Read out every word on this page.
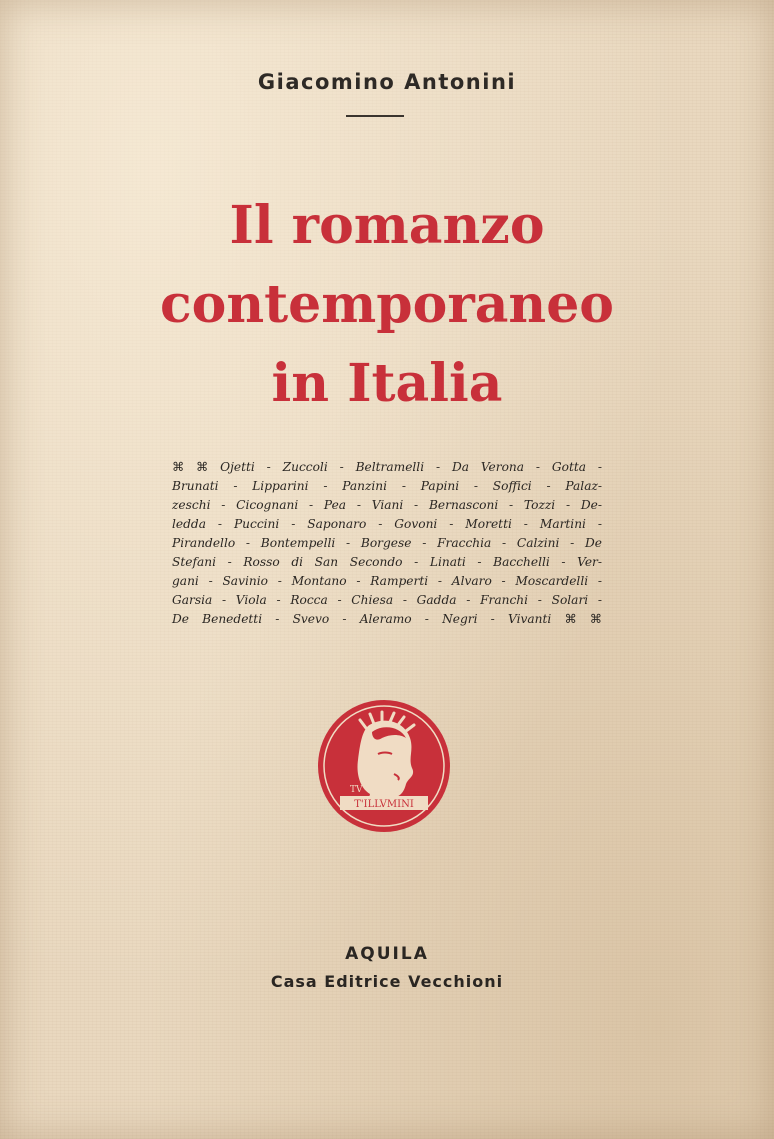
Giacomino Antonini
Il romanzo
contemporaneo
in Italia
⌘ ⌘ Ojetti - Zuccoli - Beltramelli - Da Verona - Gotta -
Brunati - Lipparini - Panzini - Papini - Soffici - Palaz-
zeschi - Cicognani - Pea - Viani - Bernasconi - Tozzi - De-
ledda - Puccini - Saponaro - Govoni - Moretti - Martini -
Pirandello - Bontempelli - Borgese - Fracchia - Calzini - De
Stefani - Rosso di San Secondo - Linati - Bacchelli - Ver-
gani - Savinio - Montano - Ramperti - Alvaro - Moscardelli -
Garsia - Viola - Rocca - Chiesa - Gadda - Franchi - Solari -
De Benedetti - Svevo - Aleramo - Negri - Vivanti ⌘ ⌘
T'ILLVMINI
TV
AQUILA
Casa Editrice Vecchioni
